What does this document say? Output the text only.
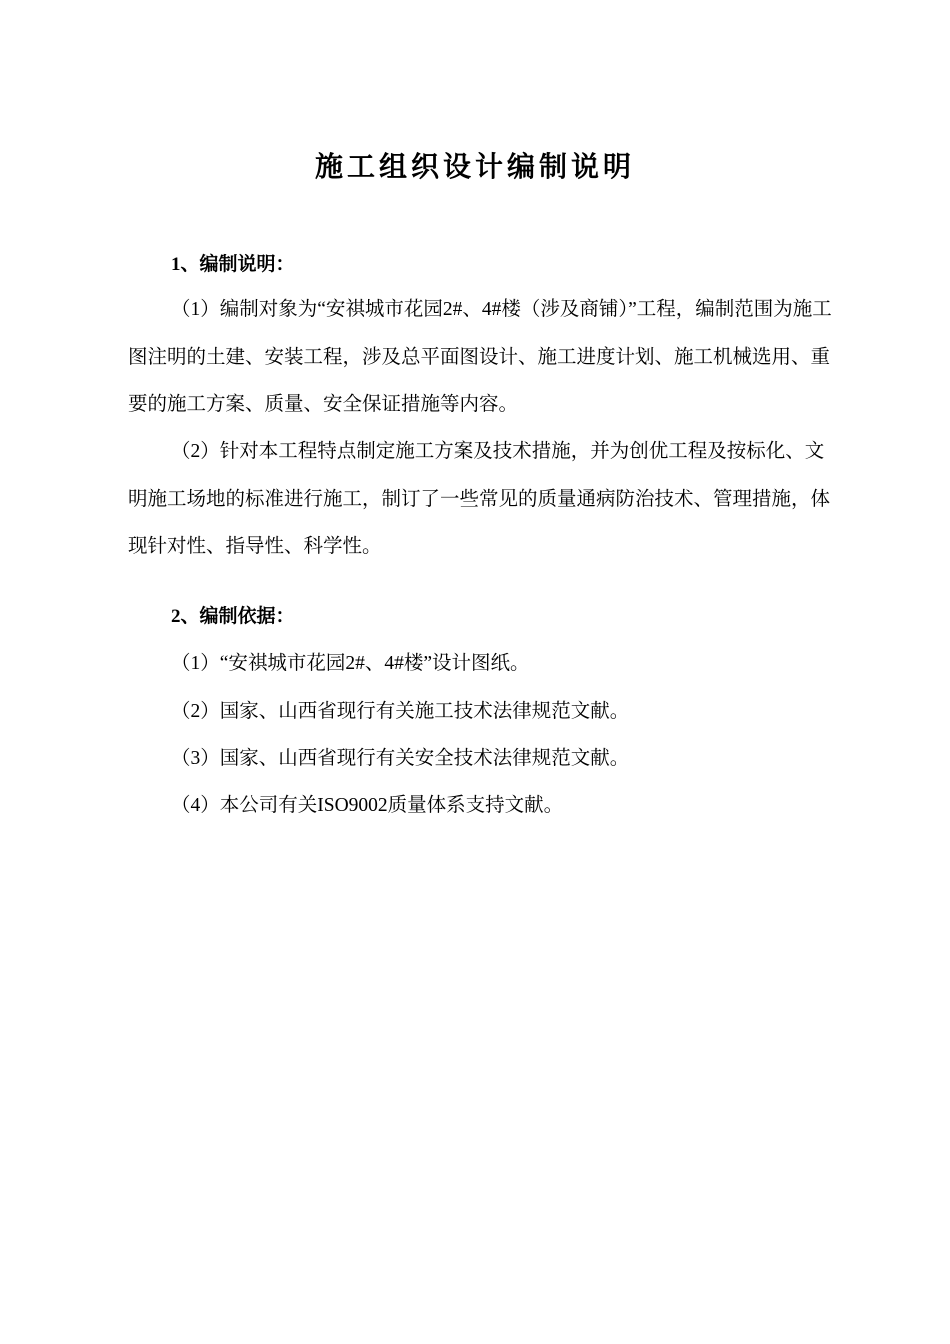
施工组织设计编制说明
1、编制说明：

（1）编制对象为“安祺城市花园2#、4#楼（涉及商铺）”工程，编制范围为施工图注明的土建、安装工程，涉及总平面图设计、施工进度计划、施工机械选用、重要的施工方案、质量、安全保证措施等内容。

（2）针对本工程特点制定施工方案及技术措施，并为创优工程及按标化、文明施工场地的标准进行施工，制订了一些常见的质量通病防治技术、管理措施，体现针对性、指导性、科学性。

2、编制依据：
（1）“安祺城市花园2#、4#楼”设计图纸。
（2）国家、山西省现行有关施工技术法律规范文献。
（3）国家、山西省现行有关安全技术法律规范文献。
（4）本公司有关ISO9002质量体系支持文献。
